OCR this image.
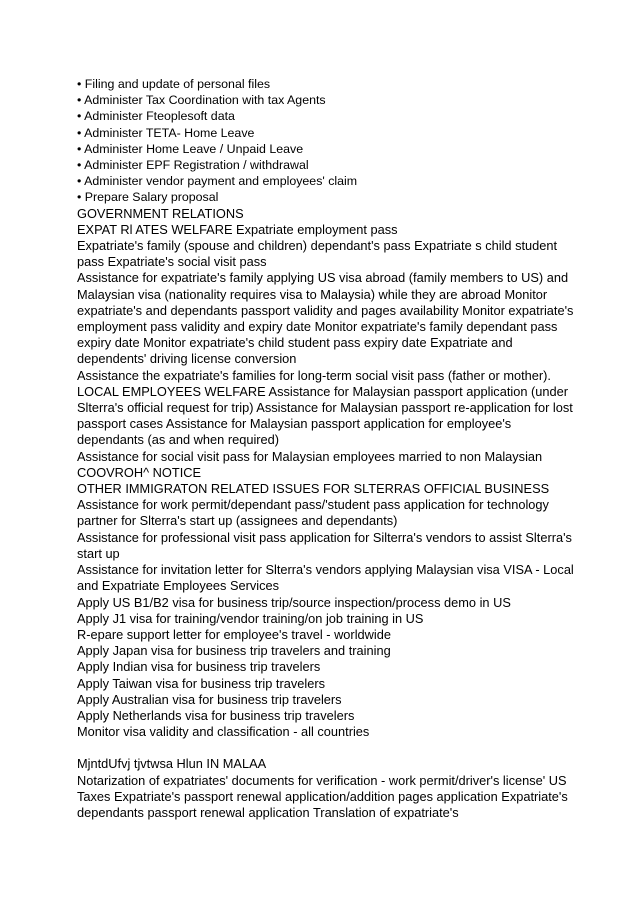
• Filing and update of personal files

• Administer Tax Coordination with tax Agents

• Administer Fteoplesoft data

• Administer TETA- Home Leave

• Administer Home Leave / Unpaid Leave

• Administer EPF Registration / withdrawal

• Administer vendor payment and employees' claim

• Prepare Salary proposal

GOVERNMENT RELATIONS

EXPAT Rl ATES WELFARE Expatriate employment pass

Expatriate's family (spouse and children) dependant's pass Expatriate s child student pass Expatriate's social visit pass

Assistance for expatriate's family applying US visa abroad (family members to US) and Malaysian visa (nationality requires visa to Malaysia) while they are abroad Monitor expatriate's and dependants passport validity and pages availability Monitor expatriate's employment pass validity and expiry date Monitor expatriate's family dependant pass expiry date Monitor expatriate's child student pass expiry date Expatriate and dependents' driving license conversion

Assistance the expatriate's families for long-term social visit pass (father or mother). LOCAL EMPLOYEES WELFARE Assistance for Malaysian passport application (under Slterra's official request for trip) Assistance for Malaysian passport re-application for lost passport cases Assistance for Malaysian passport application for employee's dependants (as and when required)

Assistance for social visit pass for Malaysian employees married to non Malaysian

COOVROH^ NOTICE

OTHER IMMIGRATON RELATED ISSUES FOR SLTERRAS OFFICIAL BUSINESS

Assistance for work permit/dependant pass/'student pass application for technology partner for Slterra's start up (assignees and dependants)

Assistance for professional visit pass application for Silterra's vendors to assist Slterra's start up

Assistance for invitation letter for Slterra's vendors applying Malaysian visa VISA - Local and Expatriate Employees Services

Apply US B1/B2 visa for business trip/source inspection/process demo in US

Apply J1 visa for training/vendor training/on job training in US

R-epare support letter for employee's travel - worldwide

Apply Japan visa for business trip travelers and training

Apply Indian visa for business trip travelers

Apply Taiwan visa for business trip travelers

Apply Australian visa for business trip travelers

Apply Netherlands visa for business trip travelers

Monitor visa validity and classification - all countries

MjntdUfvj tjvtwsa Hlun IN MALAA

Notarization of expatriates' documents for verification - work permit/driver's license' US Taxes Expatriate's passport renewal application/addition pages application Expatriate's dependants passport renewal application Translation of expatriate's
